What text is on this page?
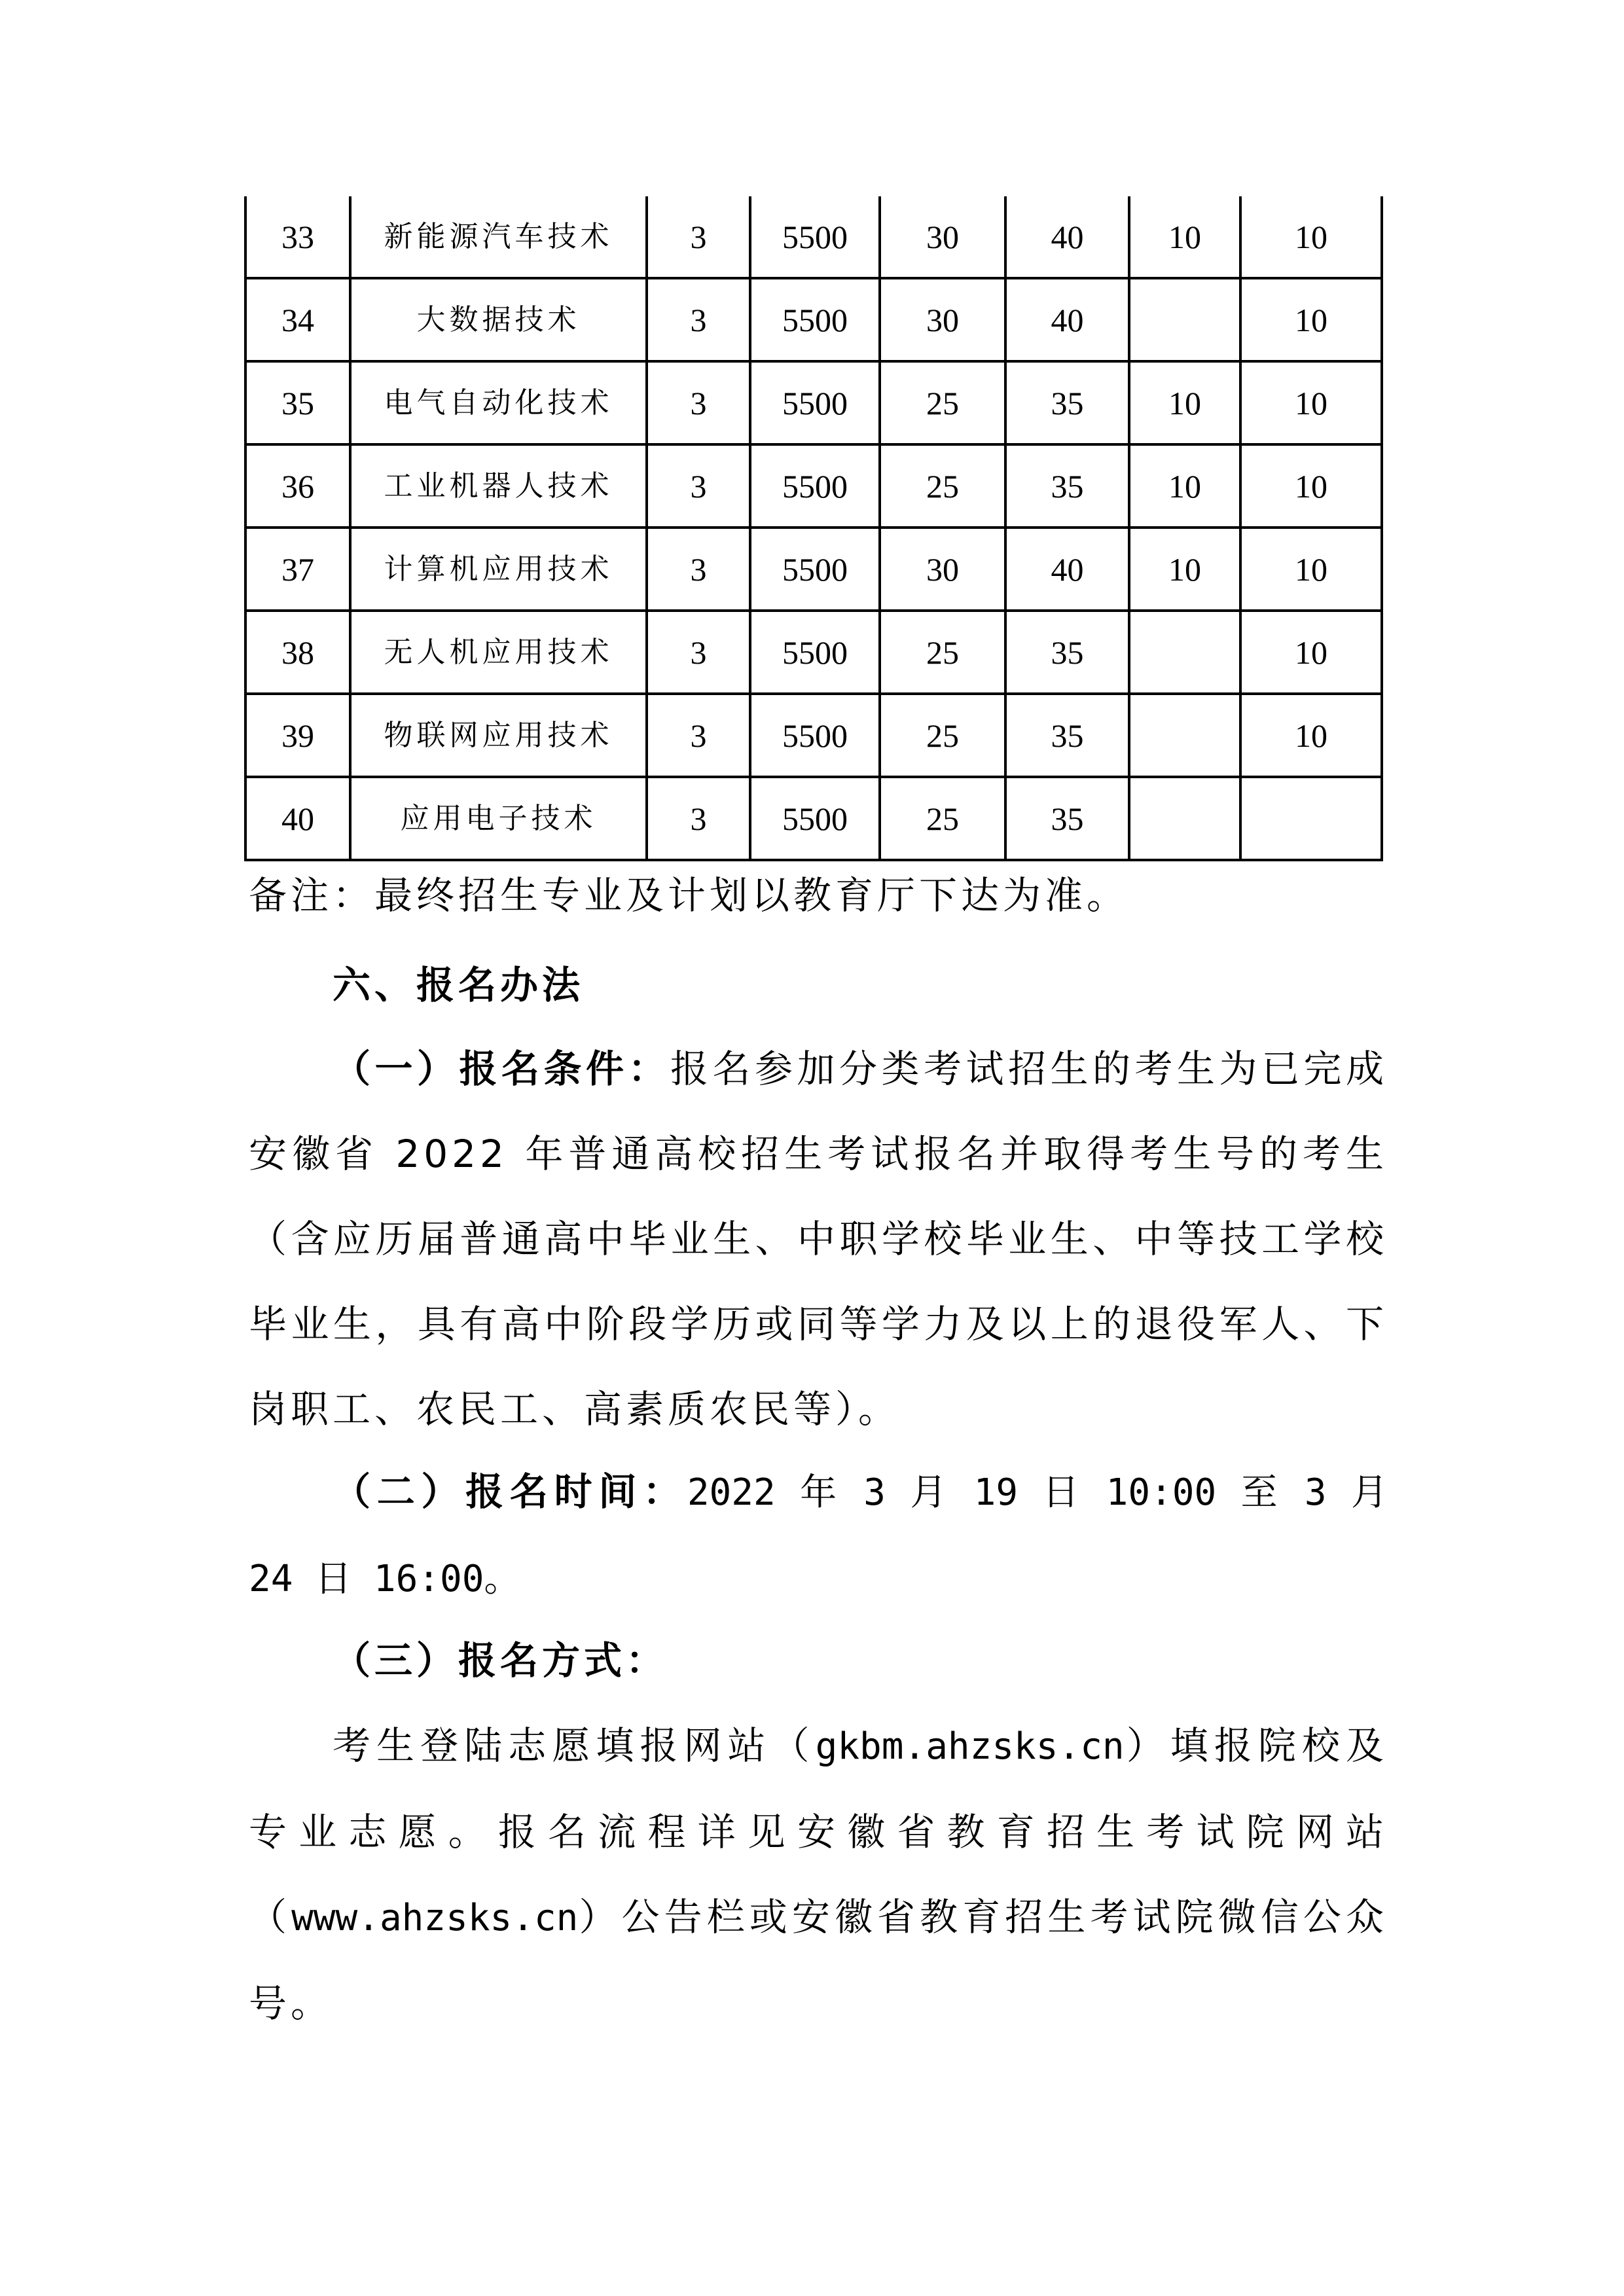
33	新能源汽车技术	3	5500	30	40	10	10
34	大数据技术	3	5500	30	40		10
35	电气自动化技术	3	5500	25	35	10	10
36	工业机器人技术	3	5500	25	35	10	10
37	计算机应用技术	3	5500	30	40	10	10
38	无人机应用技术	3	5500	25	35		10
39	物联网应用技术	3	5500	25	35		10
40	应用电子技术	3	5500	25	35		

备注：最终招生专业及计划以教育厅下达为准。

六、报名办法

（一）报名条件：报名参加分类考试招生的考生为已完成安徽省 2022 年普通高校招生考试报名并取得考生号的考生（含应历届普通高中毕业生、中职学校毕业生、中等技工学校毕业生，具有高中阶段学历或同等学力及以上的退役军人、下岗职工、农民工、高素质农民等）。

（二）报名时间：2022 年 3 月 19 日 10:00 至 3 月 24 日 16:00。

（三）报名方式：

考生登陆志愿填报网站（gkbm.ahzsks.cn）填报院校及专业志愿。报名流程详见安徽省教育招生考试院网站（www.ahzsks.cn）公告栏或安徽省教育招生考试院微信公众号。
